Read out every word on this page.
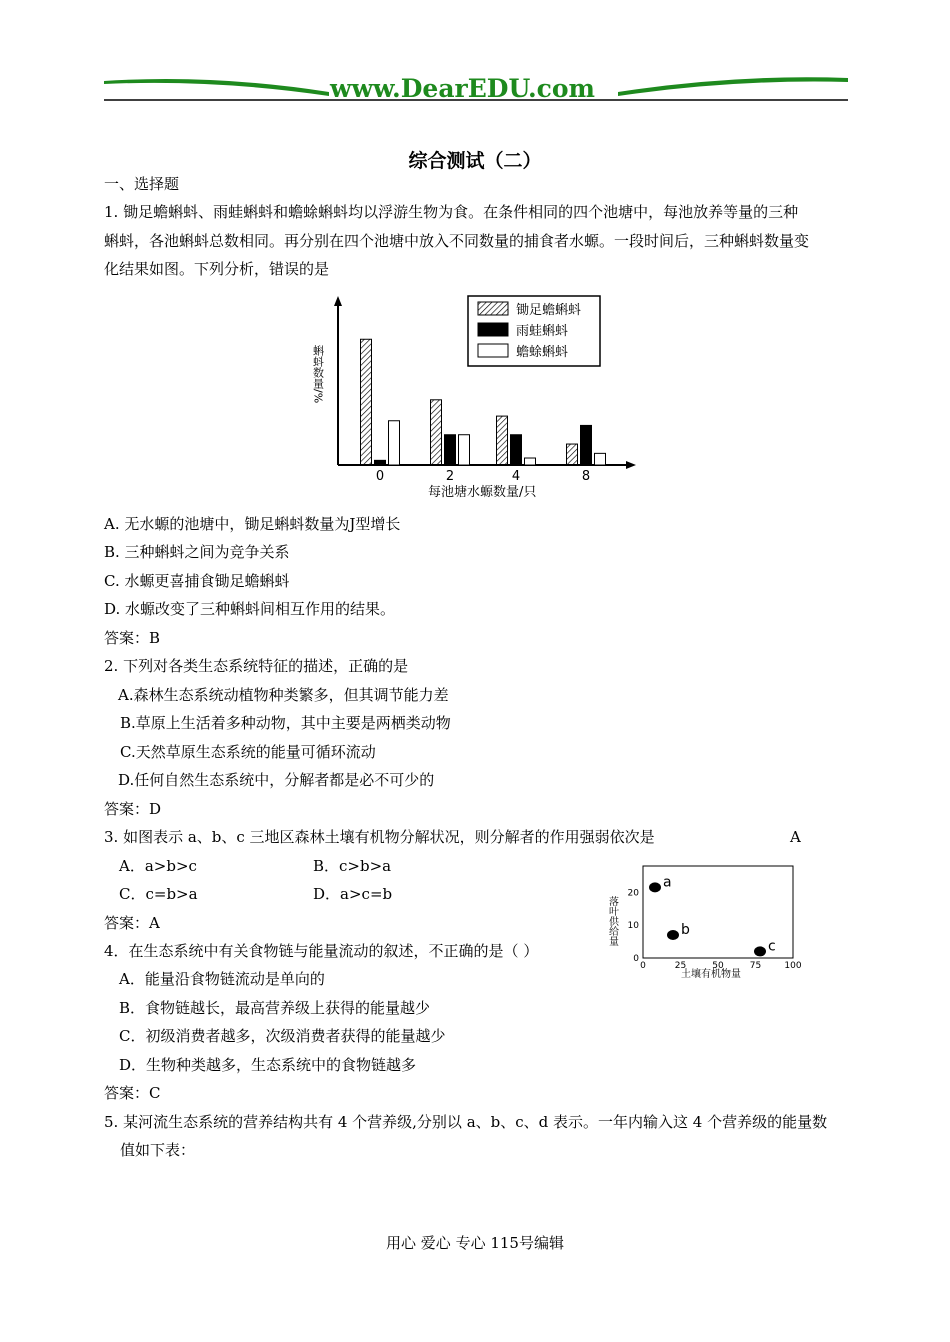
www.DearEDU.com
综合测试（二）
一、选择题
1. 锄足蟾蝌蚪、雨蛙蝌蚪和蟾蜍蝌蚪均以浮游生物为食。在条件相同的四个池塘中，每池放养等量的三种
蝌蚪，各池蝌蚪总数相同。再分别在四个池塘中放入不同数量的捕食者水螈。一段时间后，三种蝌蚪数量变
化结果如图。下列分析，错误的是
蝌蚪数量/%
0	2	4	8
每池塘水螈数量/只
锄足蟾蝌蚪
雨蛙蝌蚪
蟾蜍蝌蚪
A. 无水螈的池塘中，锄足蝌蚪数量为J型增长
B. 三种蝌蚪之间为竞争关系
C. 水螈更喜捕食锄足蟾蝌蚪
D. 水螈改变了三种蝌蚪间相互作用的结果。
答案：B
2. 下列对各类生态系统特征的描述，正确的是
A.森林生态系统动植物种类繁多，但其调节能力差
B.草原上生活着多种动物，其中主要是两栖类动物
C.天然草原生态系统的能量可循环流动
D.任何自然生态系统中，分解者都是必不可少的
答案：D
3. 如图表示 a、b、c 三地区森林土壤有机物分解状况，则分解者的作用强弱依次是	A
A．a>b>c	B．c>b>a
C．c=b>a	D．a>c=b
答案：A	落叶供给量
0	25	50	75	100
0
10
20
a
b
c
土壤有机物量
4．在生态系统中有关食物链与能量流动的叙述，不正确的是（ ）
A．能量沿食物链流动是单向的
B．食物链越长，最高营养级上获得的能量越少
C．初级消费者越多，次级消费者获得的能量越少
D．生物种类越多，生态系统中的食物链越多
答案：C
5. 某河流生态系统的营养结构共有 4 个营养级,分别以 a、b、c、d 表示。一年内输入这 4 个营养级的能量数
值如下表：
用心 爱心 专心 115号编辑
